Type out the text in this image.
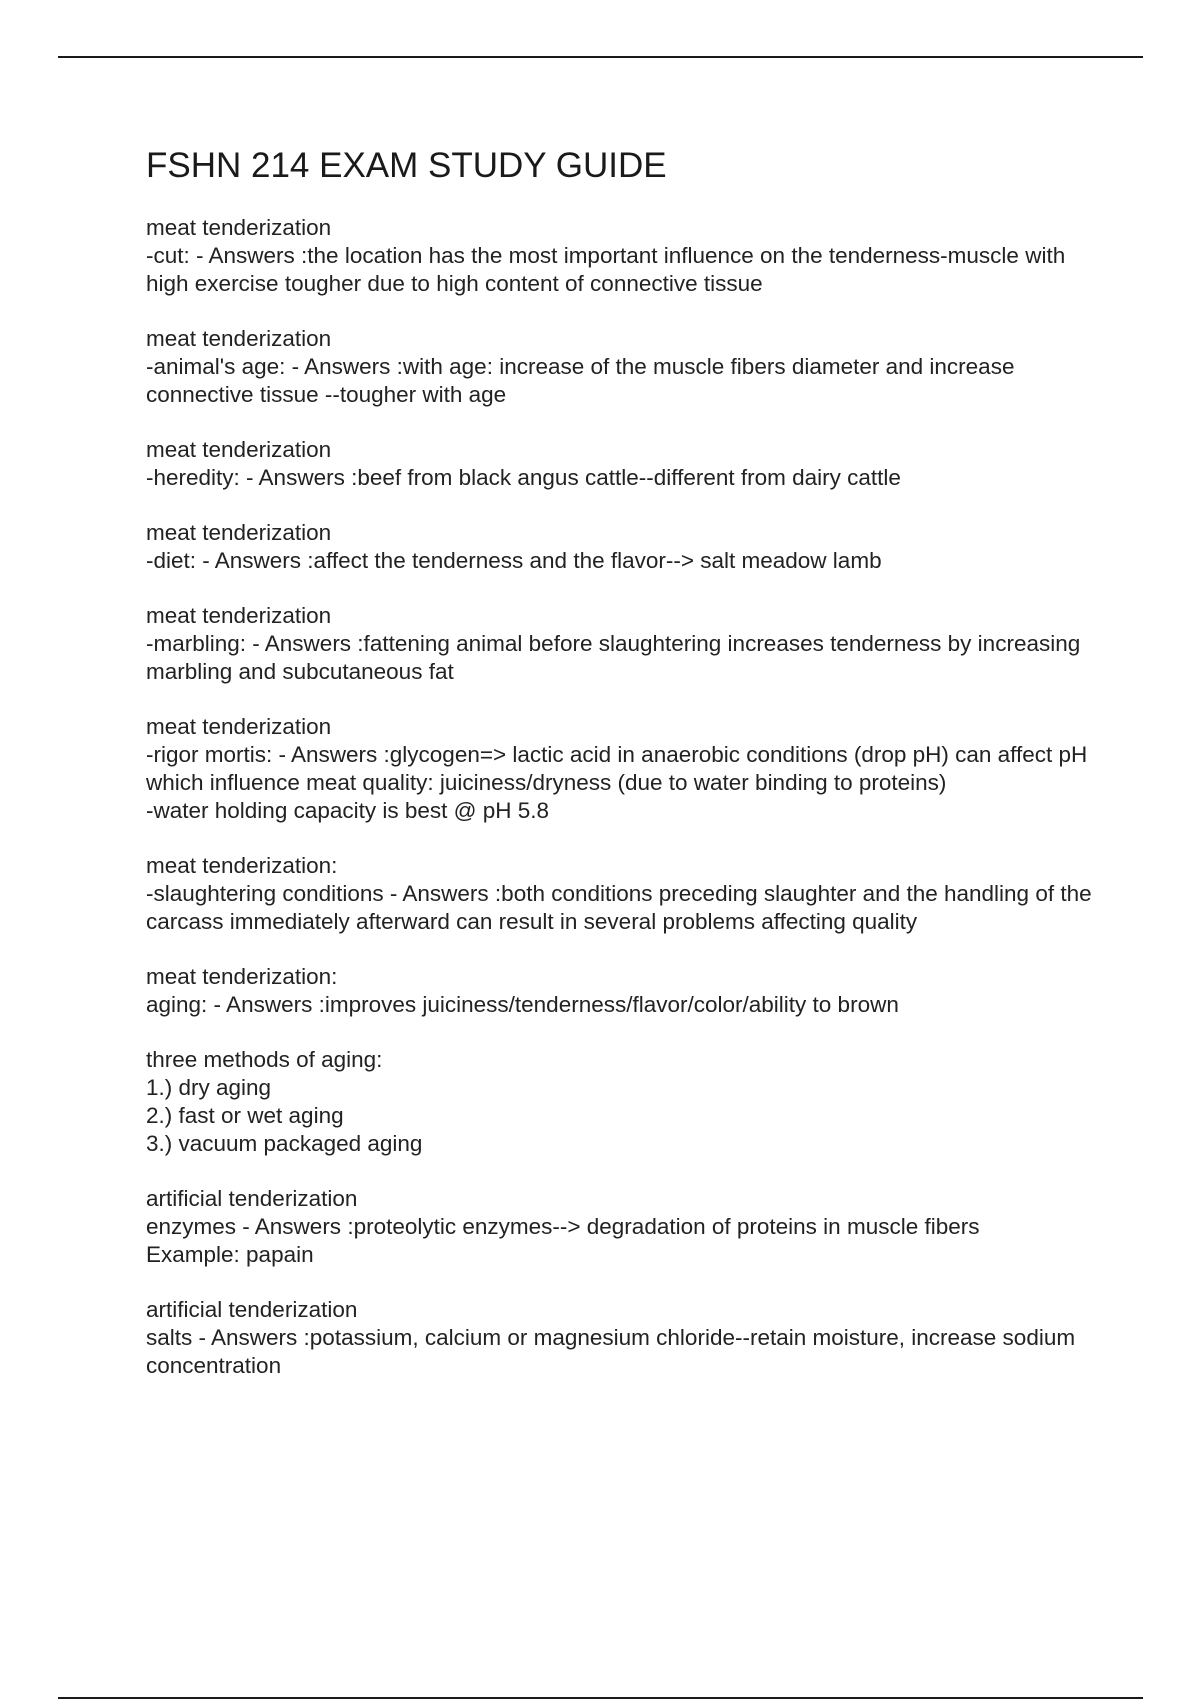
FSHN 214 EXAM STUDY GUIDE
meat tenderization
-cut: - Answers :the location has the most important influence on the tenderness-muscle with high exercise tougher due to high content of connective tissue
meat tenderization
-animal's age: - Answers :with age: increase of the muscle fibers diameter and increase connective tissue --tougher with age
meat tenderization
-heredity: - Answers :beef from black angus cattle--different from dairy cattle
meat tenderization
-diet: - Answers :affect the tenderness and the flavor--> salt meadow lamb
meat tenderization
-marbling: - Answers :fattening animal before slaughtering increases tenderness by increasing marbling and subcutaneous fat
meat tenderization
-rigor mortis: - Answers :glycogen=> lactic acid in anaerobic conditions (drop pH) can affect pH which influence meat quality: juiciness/dryness (due to water binding to proteins)
-water holding capacity is best @ pH 5.8
meat tenderization:
-slaughtering conditions - Answers :both conditions preceding slaughter and the handling of the carcass immediately afterward can result in several problems affecting quality
meat tenderization:
aging: - Answers :improves juiciness/tenderness/flavor/color/ability to brown
three methods of aging:
1.) dry aging
2.) fast or wet aging
3.) vacuum packaged aging
artificial tenderization
enzymes - Answers :proteolytic enzymes--> degradation of proteins in muscle fibers
Example: papain
artificial tenderization
salts - Answers :potassium, calcium or magnesium chloride--retain moisture, increase sodium concentration
